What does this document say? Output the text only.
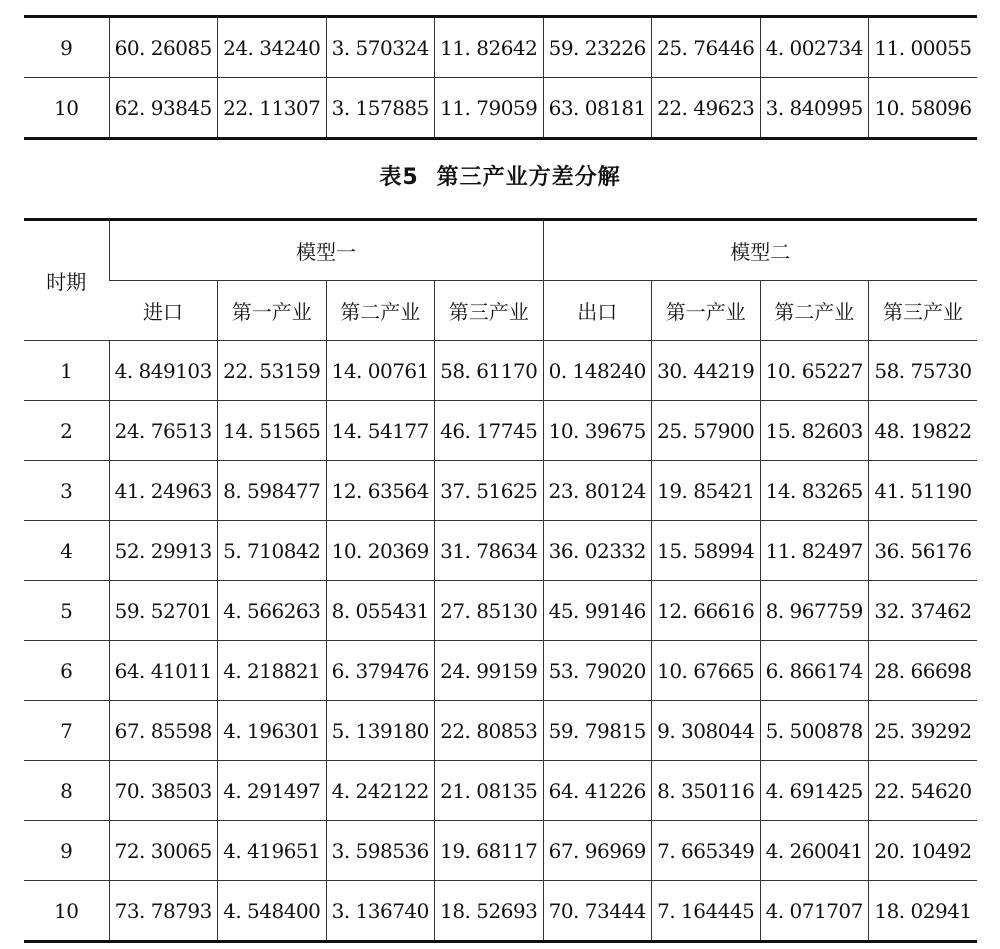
9	60. 26085	24. 34240	3. 570324	11. 82642	59. 23226	25. 76446	4. 002734	11. 00055
10	62. 93845	22. 11307	3. 157885	11. 79059	63. 08181	22. 49623	3. 840995	10. 58096
表5 第三产业方差分解
时期	模型一				模型二			
	进口	第一产业	第二产业	第三产业	出口	第一产业	第二产业	第三产业
1	4. 849103	22. 53159	14. 00761	58. 61170	0. 148240	30. 44219	10. 65227	58. 75730
2	24. 76513	14. 51565	14. 54177	46. 17745	10. 39675	25. 57900	15. 82603	48. 19822
3	41. 24963	8. 598477	12. 63564	37. 51625	23. 80124	19. 85421	14. 83265	41. 51190
4	52. 29913	5. 710842	10. 20369	31. 78634	36. 02332	15. 58994	11. 82497	36. 56176
5	59. 52701	4. 566263	8. 055431	27. 85130	45. 99146	12. 66616	8. 967759	32. 37462
6	64. 41011	4. 218821	6. 379476	24. 99159	53. 79020	10. 67665	6. 866174	28. 66698
7	67. 85598	4. 196301	5. 139180	22. 80853	59. 79815	9. 308044	5. 500878	25. 39292
8	70. 38503	4. 291497	4. 242122	21. 08135	64. 41226	8. 350116	4. 691425	22. 54620
9	72. 30065	4. 419651	3. 598536	19. 68117	67. 96969	7. 665349	4. 260041	20. 10492
10	73. 78793	4. 548400	3. 136740	18. 52693	70. 73444	7. 164445	4. 071707	18. 02941
